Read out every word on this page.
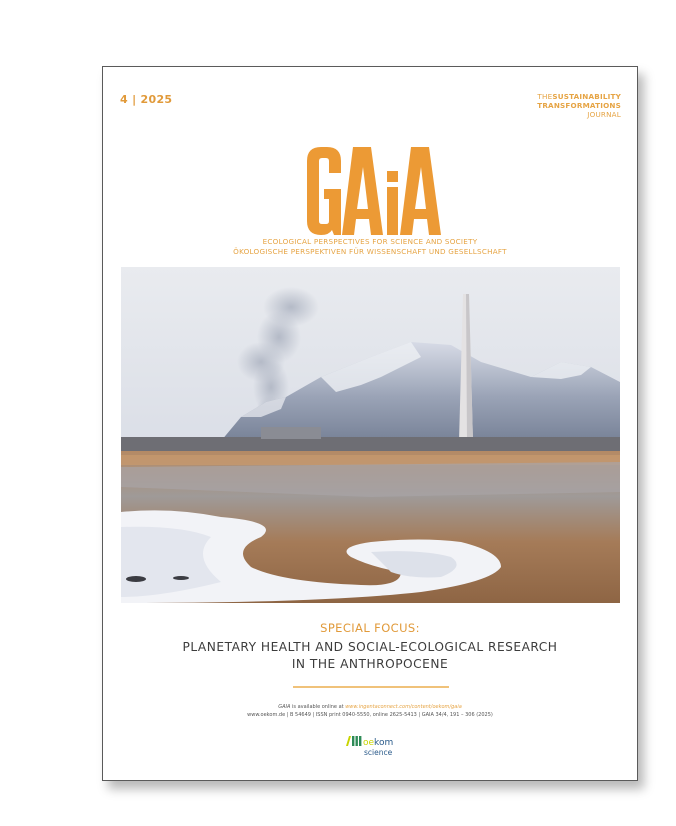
4 | 2025	THESUSTAINABILITY
TRANSFORMATIONS
JOURNAL
ECOLOGICAL PERSPECTIVES FOR SCIENCE AND SOCIETY
ÖKOLOGISCHE PERSPEKTIVEN FÜR WISSENSCHAFT UND GESELLSCHAFT
SPECIAL FOCUS:
PLANETARY HEALTH AND SOCIAL-ECOLOGICAL RESEARCH
IN THE ANTHROPOCENE
GAIA is available online at www.ingentaconnect.com/content/oekom/gaia
www.oekom.de | B 54649 | ISSN print 0940-5550, online 2625-5413 | GAIA 34/4, 191 – 306 (2025)
oekom
science
